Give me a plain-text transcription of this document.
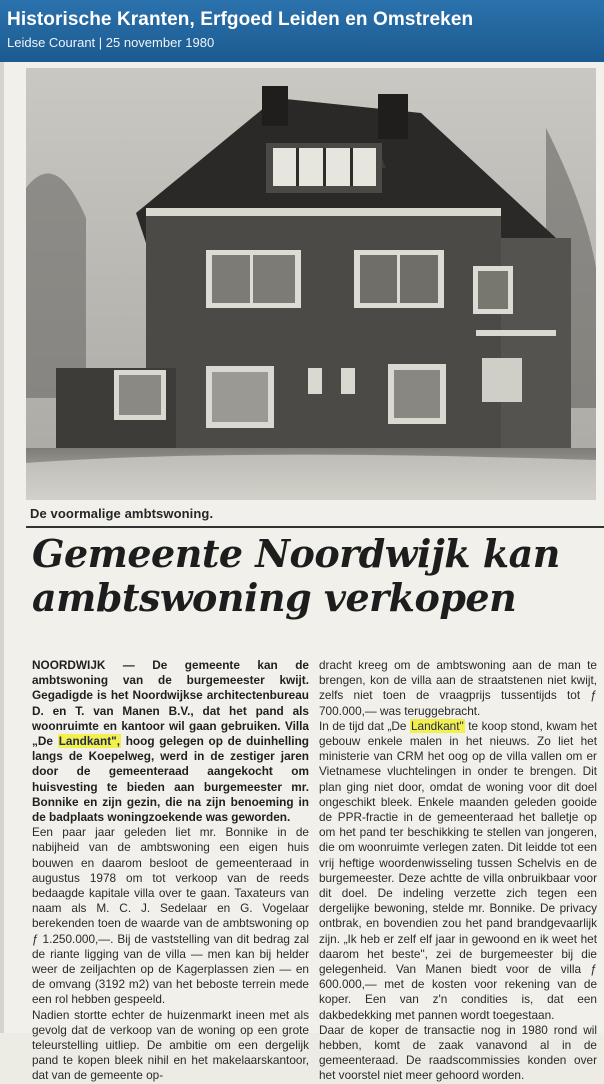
Historische Kranten, Erfgoed Leiden en Omstreken
Leidse Courant | 25 november 1980
De voormalige ambtswoning.
Gemeente Noordwijk kan
ambtswoning verkopen

NOORDWIJK — De gemeente kan de ambtswoning van de burgemeester kwijt. Gegadigde is het Noordwijkse architectenbureau D. en T. van Manen B.V., dat het pand als woonruimte en kantoor wil gaan gebruiken. Villa „De Landkant", hoog gelegen op de duinhelling langs de Koepelweg, werd in de zestiger jaren door de gemeenteraad aangekocht om huisvesting te bieden aan burgemeester mr. Bonnike en zijn gezin, die na zijn benoeming in de badplaats woningzoekende was geworden.

Een paar jaar geleden liet mr. Bonnike in de nabijheid van de ambtswoning een eigen huis bouwen en daarom besloot de gemeenteraad in augustus 1978 om tot verkoop van de reeds bedaagde kapitale villa over te gaan. Taxateurs van naam als M. C. J. Sedelaar en G. Vogelaar berekenden toen de waarde van de ambtswoning op ƒ 1.250.000,—. Bij de vaststelling van dit bedrag zal de riante ligging van de villa — men kan bij helder weer de zeiljachten op de Kagerplassen zien — en de omvang (3192 m2) van het beboste terrein mede een rol hebben gespeeld.

Nadien stortte echter de huizenmarkt ineen met als gevolg dat de verkoop van de woning op een grote teleurstelling uitliep. De ambitie om een dergelijk pand te kopen bleek nihil en het makelaarskantoor, dat van de gemeente op-

dracht kreeg om de ambtswoning aan de man te brengen, kon de villa aan de straatstenen niet kwijt, zelfs niet toen de vraagprijs tussentijds tot ƒ 700.000,— was teruggebracht.

In de tijd dat „De Landkant" te koop stond, kwam het gebouw enkele malen in het nieuws. Zo liet het ministerie van CRM het oog op de villa vallen om er Vietnamese vluchtelingen in onder te brengen. Dit plan ging niet door, omdat de woning voor dit doel ongeschikt bleek. Enkele maanden geleden gooide de PPR-fractie in de gemeenteraad het balletje op om het pand ter beschikking te stellen van jongeren, die om woonruimte verlegen zaten. Dit leidde tot een vrij heftige woordenwisseling tussen Schelvis en de burgemeester. Deze achtte de villa onbruikbaar voor dit doel. De indeling verzette zich tegen een dergelijke bewoning, stelde mr. Bonnike. De privacy ontbrak, en bovendien zou het pand brandgevaarlijk zijn. „Ik heb er zelf elf jaar in gewoond en ik weet het daarom het beste", zei de burgemeester bij die gelegenheid. Van Manen biedt voor de villa ƒ 600.000,— met de kosten voor rekening van de koper. Een van z'n condities is, dat een dakbedekking met pannen wordt toegestaan.

Daar de koper de transactie nog in 1980 rond wil hebben, komt de zaak vanavond al in de gemeenteraad. De raadscommissies konden over het voorstel niet meer gehoord worden.
